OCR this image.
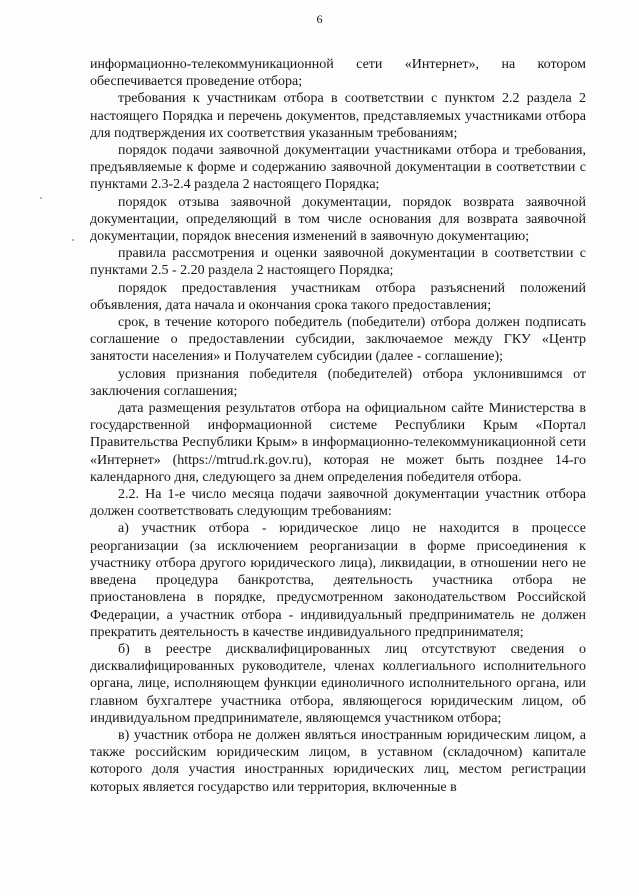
6

информационно-телекоммуникационной сети «Интернет», на котором обеспечивается проведение отбора;

требования к участникам отбора в соответствии с пунктом 2.2 раздела 2 настоящего Порядка и перечень документов, представляемых участниками отбора для подтверждения их соответствия указанным требованиям;

порядок подачи заявочной документации участниками отбора и требования, предъявляемые к форме и содержанию заявочной документации в соответствии с пунктами 2.3-2.4 раздела 2 настоящего Порядка;

порядок отзыва заявочной документации, порядок возврата заявочной документации, определяющий в том числе основания для возврата заявочной документации, порядок внесения изменений в заявочную документацию;

правила рассмотрения и оценки заявочной документации в соответствии с пунктами 2.5 - 2.20 раздела 2 настоящего Порядка;

порядок предоставления участникам отбора разъяснений положений объявления, дата начала и окончания срока такого предоставления;

срок, в течение которого победитель (победители) отбора должен подписать соглашение о предоставлении субсидии, заключаемое между ГКУ «Центр занятости населения» и Получателем субсидии (далее - соглашение);

условия признания победителя (победителей) отбора уклонившимся от заключения соглашения;

дата размещения результатов отбора на официальном сайте Министерства в государственной информационной системе Республики Крым «Портал Правительства Республики Крым» в информационно-телекоммуникационной сети «Интернет» (https://mtrud.rk.gov.ru), которая не может быть позднее 14-го календарного дня, следующего за днем определения победителя отбора.

2.2. На 1-е число месяца подачи заявочной документации участник отбора должен соответствовать следующим требованиям:

а) участник отбора - юридическое лицо не находится в процессе реорганизации (за исключением реорганизации в форме присоединения к участнику отбора другого юридического лица), ликвидации, в отношении него не введена процедура банкротства, деятельность участника отбора не приостановлена в порядке, предусмотренном законодательством Российской Федерации, а участник отбора - индивидуальный предприниматель не должен прекратить деятельность в качестве индивидуального предпринимателя;

б) в реестре дисквалифицированных лиц отсутствуют сведения о дисквалифицированных руководителе, членах коллегиального исполнительного органа, лице, исполняющем функции единоличного исполнительного органа, или главном бухгалтере участника отбора, являющегося юридическим лицом, об индивидуальном предпринимателе, являющемся участником отбора;

в) участник отбора не должен являться иностранным юридическим лицом, а также российским юридическим лицом, в уставном (складочном) капитале которого доля участия иностранных юридических лиц, местом регистрации которых является государство или территория, включенные в
